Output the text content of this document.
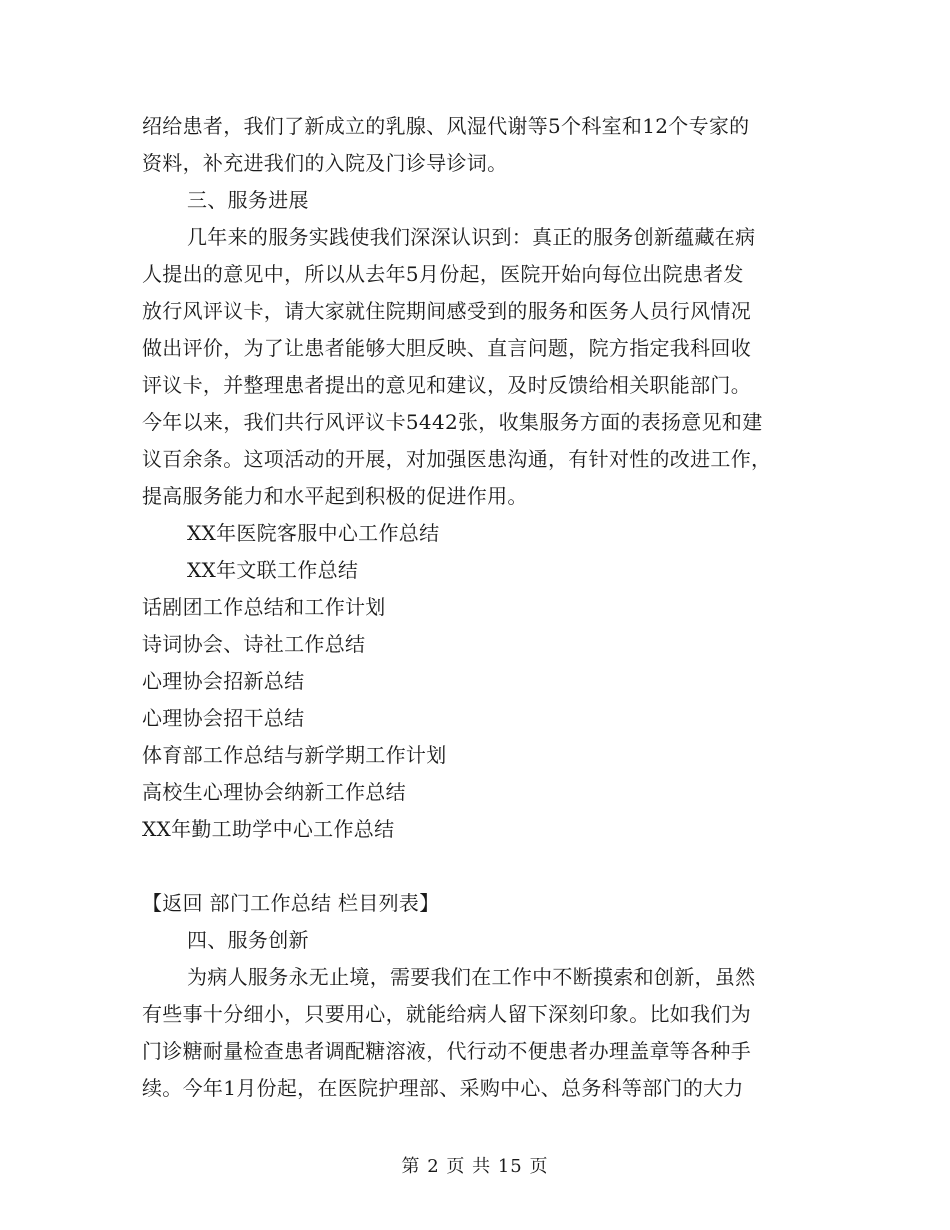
绍给患者，我们了新成立的乳腺、风湿代谢等5个科室和12个专家的
资料，补充进我们的入院及门诊导诊词。
三、服务进展
几年来的服务实践使我们深深认识到：真正的服务创新蕴藏在病
人提出的意见中，所以从去年5月份起，医院开始向每位出院患者发
放行风评议卡，请大家就住院期间感受到的服务和医务人员行风情况
做出评价，为了让患者能够大胆反映、直言问题，院方指定我科回收
评议卡，并整理患者提出的意见和建议，及时反馈给相关职能部门。
今年以来，我们共行风评议卡5442张，收集服务方面的表扬意见和建
议百余条。这项活动的开展，对加强医患沟通，有针对性的改进工作，
提高服务能力和水平起到积极的促进作用。
XX年医院客服中心工作总结
XX年文联工作总结
话剧团工作总结和工作计划
诗词协会、诗社工作总结
心理协会招新总结
心理协会招干总结
体育部工作总结与新学期工作计划
高校生心理协会纳新工作总结
XX年勤工助学中心工作总结
【返回 部门工作总结 栏目列表】
四、服务创新
为病人服务永无止境，需要我们在工作中不断摸索和创新，虽然
有些事十分细小，只要用心，就能给病人留下深刻印象。比如我们为
门诊糖耐量检查患者调配糖溶液，代行动不便患者办理盖章等各种手
续。今年1月份起，在医院护理部、采购中心、总务科等部门的大力
第 2 页 共 15 页
